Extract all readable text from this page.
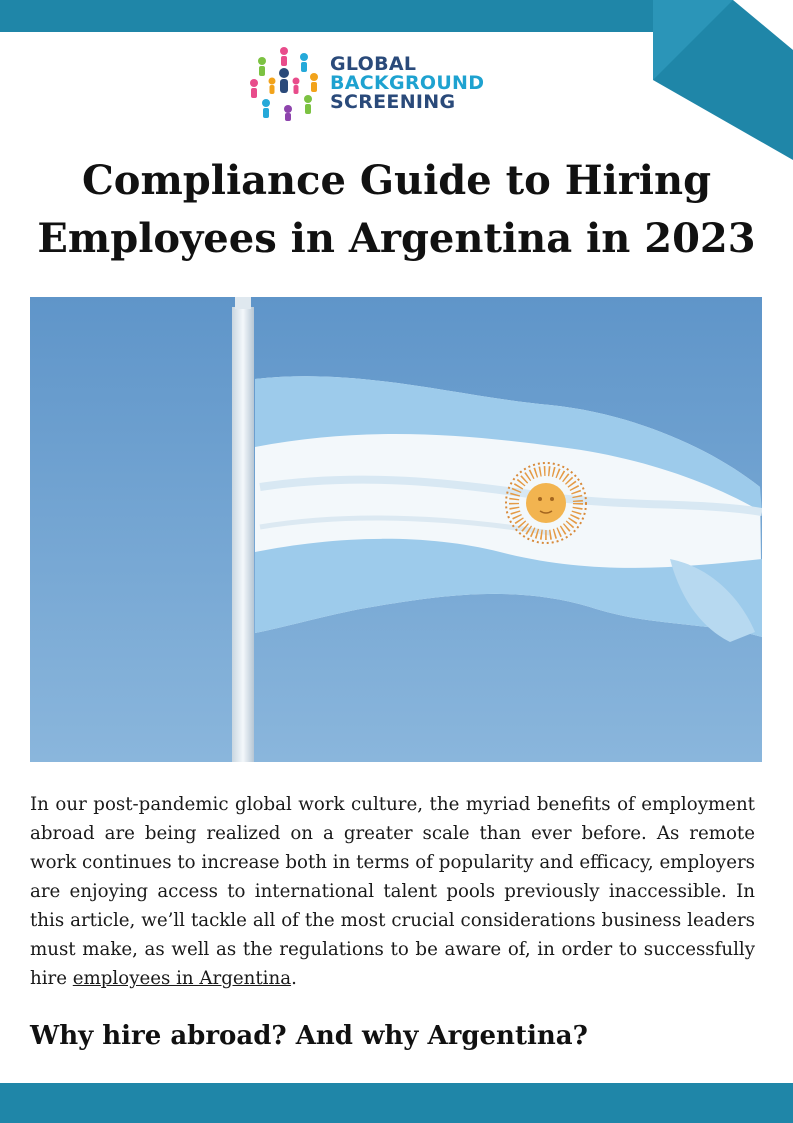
GLOBAL
BACKGROUND
SCREENING
Compliance Guide to Hiring
Employees in Argentina in 2023

In our post-pandemic global work culture, the myriad benefits of employment abroad are being realized on a greater scale than ever before. As remote work continues to increase both in terms of popularity and efficacy, employers are enjoying access to international talent pools previously inaccessible. In this article, we’ll tackle all of the most crucial considerations business leaders must make, as well as the regulations to be aware of, in order to successfully hire employees in Argentina.

Why hire abroad? And why Argentina?
